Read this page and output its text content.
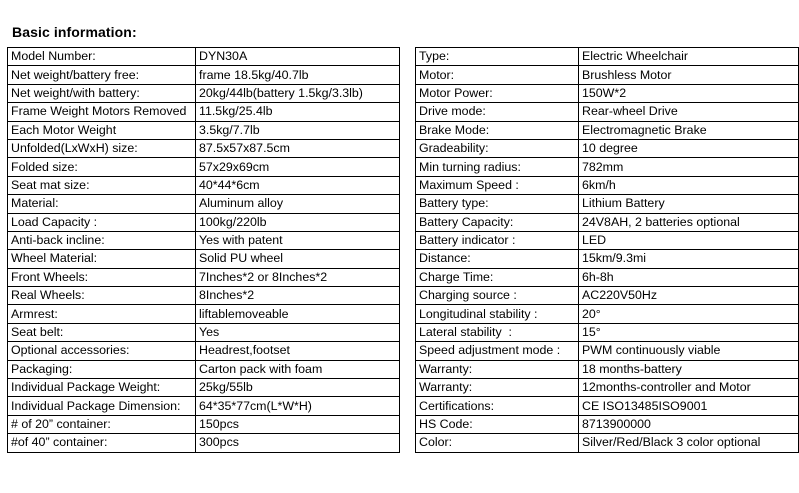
Basic information:
Model Number:	DYN30A
Net weight/battery free:	frame 18.5kg/40.7lb
Net weight/with battery:	20kg/44lb(battery 1.5kg/3.3lb)
Frame Weight Motors Removed	11.5kg/25.4lb
Each Motor Weight	3.5kg/7.7lb
Unfolded(LxWxH) size:	87.5x57x87.5cm
Folded size:	57x29x69cm
Seat mat size:	40*44*6cm
Material:	Aluminum alloy
Load Capacity :	100kg/220lb
Anti-back incline:	Yes with patent
Wheel Material:	Solid PU wheel
Front Wheels:	7Inches*2 or 8Inches*2
Real Wheels:	8Inches*2
Armrest:	liftablemoveable
Seat belt:	Yes
Optional accessories:	Headrest,footset
Packaging:	Carton pack with foam
Individual Package Weight:	25kg/55lb
Individual Package Dimension:	64*35*77cm(L*W*H)
# of 20” container:	150pcs
#of 40” container:	300pcs
Type:	Electric Wheelchair
Motor:	Brushless Motor
Motor Power:	150W*2
Drive mode:	Rear-wheel Drive
Brake Mode:	Electromagnetic Brake
Gradeability:	10 degree
Min turning radius:	782mm
Maximum Speed :	6km/h
Battery type:	Lithium Battery
Battery Capacity:	24V8AH, 2 batteries optional
Battery indicator :	LED
Distance:	15km/9.3mi
Charge Time:	6h-8h
Charging source :	AC220V50Hz
Longitudinal stability :	20°
Lateral stability  :	15°
Speed adjustment mode :	PWM continuously viable
Warranty:	18 months-battery
Warranty:	12months-controller and Motor
Certifications:	CE ISO13485ISO9001
HS Code:	8713900000
Color:	Silver/Red/Black 3 color optional
